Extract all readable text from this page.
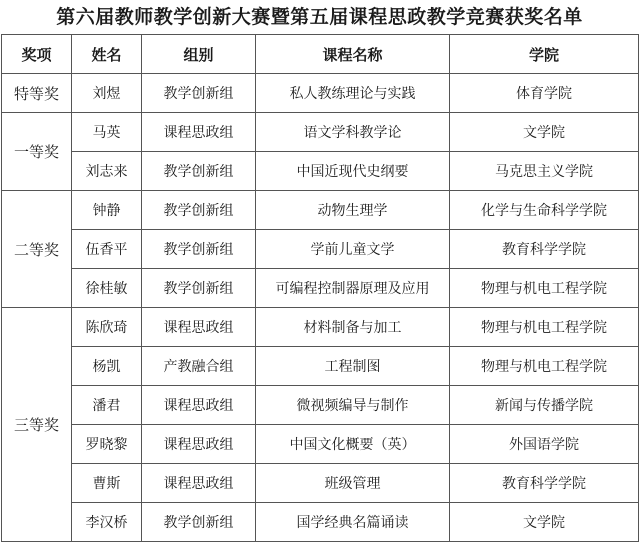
第六届教师教学创新大赛暨第五届课程思政教学竞赛获奖名单
奖项	姓名	组别	课程名称	学院
特等奖	刘煜	教学创新组	私人教练理论与实践	体育学院
一等奖	马英	课程思政组	语文学科教学论	文学院
	刘志来	教学创新组	中国近现代史纲要	马克思主义学院
二等奖	钟静	教学创新组	动物生理学	化学与生命科学学院
	伍香平	教学创新组	学前儿童文学	教育科学学院
	徐桂敏	教学创新组	可编程控制器原理及应用	物理与机电工程学院
三等奖	陈欣琦	课程思政组	材料制备与加工	物理与机电工程学院
	杨凯	产教融合组	工程制图	物理与机电工程学院
	潘君	课程思政组	微视频编导与制作	新闻与传播学院
	罗晓黎	课程思政组	中国文化概要（英）	外国语学院
	曹斯	课程思政组	班级管理	教育科学学院
	李汉桥	教学创新组	国学经典名篇诵读	文学院
